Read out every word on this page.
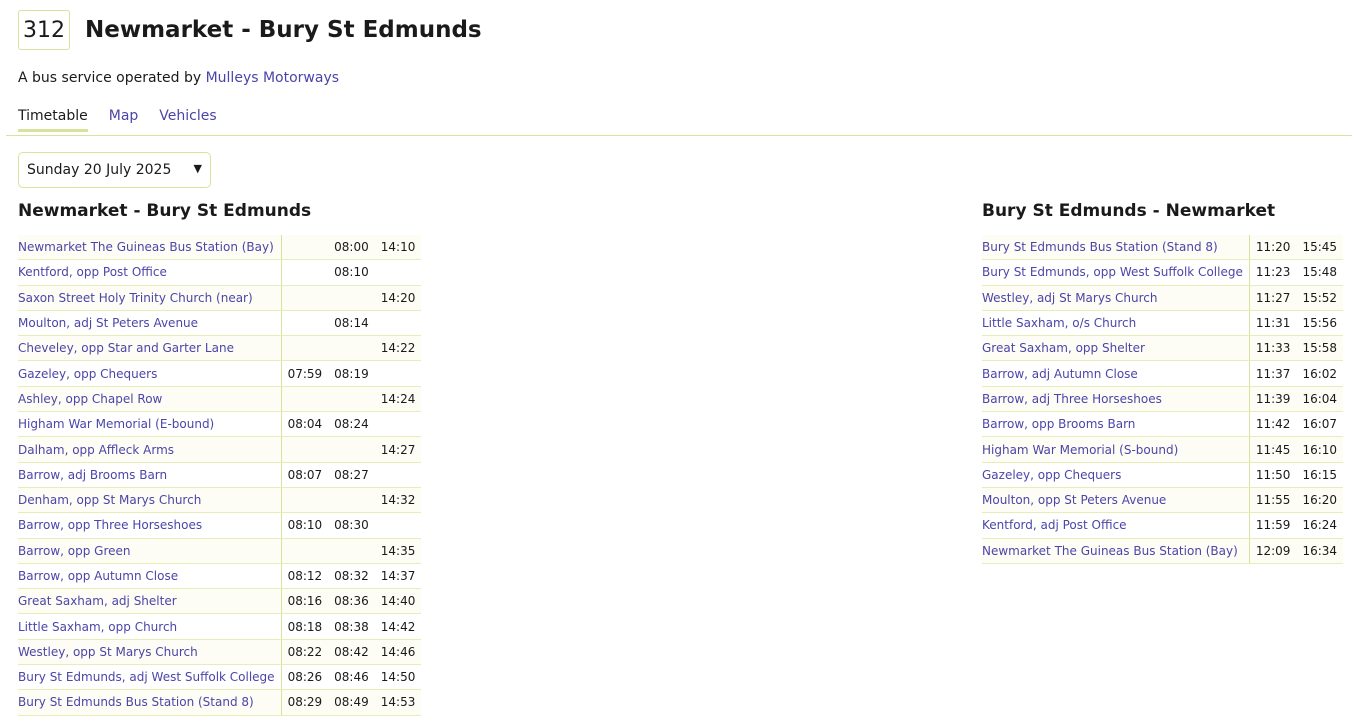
312 Newmarket - Bury St Edmunds
A bus service operated by Mulleys Motorways
Timetable Map Vehicles
Sunday 20 July 2025 ▼
Newmarket - Bury St Edmunds
Newmarket The Guineas Bus Station (Bay)		08:00	14:10
Kentford, opp Post Office		08:10	
Saxon Street Holy Trinity Church (near)			14:20
Moulton, adj St Peters Avenue		08:14	
Cheveley, opp Star and Garter Lane			14:22
Gazeley, opp Chequers	07:59	08:19	
Ashley, opp Chapel Row			14:24
Higham War Memorial (E-bound)	08:04	08:24	
Dalham, opp Affleck Arms			14:27
Barrow, adj Brooms Barn	08:07	08:27	
Denham, opp St Marys Church			14:32
Barrow, opp Three Horseshoes	08:10	08:30	
Barrow, opp Green			14:35
Barrow, opp Autumn Close	08:12	08:32	14:37
Great Saxham, adj Shelter	08:16	08:36	14:40
Little Saxham, opp Church	08:18	08:38	14:42
Westley, opp St Marys Church	08:22	08:42	14:46
Bury St Edmunds, adj West Suffolk College	08:26	08:46	14:50
Bury St Edmunds Bus Station (Stand 8)	08:29	08:49	14:53
Bury St Edmunds - Newmarket
Bury St Edmunds Bus Station (Stand 8)	11:20	15:45
Bury St Edmunds, opp West Suffolk College	11:23	15:48
Westley, adj St Marys Church	11:27	15:52
Little Saxham, o/s Church	11:31	15:56
Great Saxham, opp Shelter	11:33	15:58
Barrow, adj Autumn Close	11:37	16:02
Barrow, adj Three Horseshoes	11:39	16:04
Barrow, opp Brooms Barn	11:42	16:07
Higham War Memorial (S-bound)	11:45	16:10
Gazeley, opp Chequers	11:50	16:15
Moulton, opp St Peters Avenue	11:55	16:20
Kentford, adj Post Office	11:59	16:24
Newmarket The Guineas Bus Station (Bay)	12:09	16:34
